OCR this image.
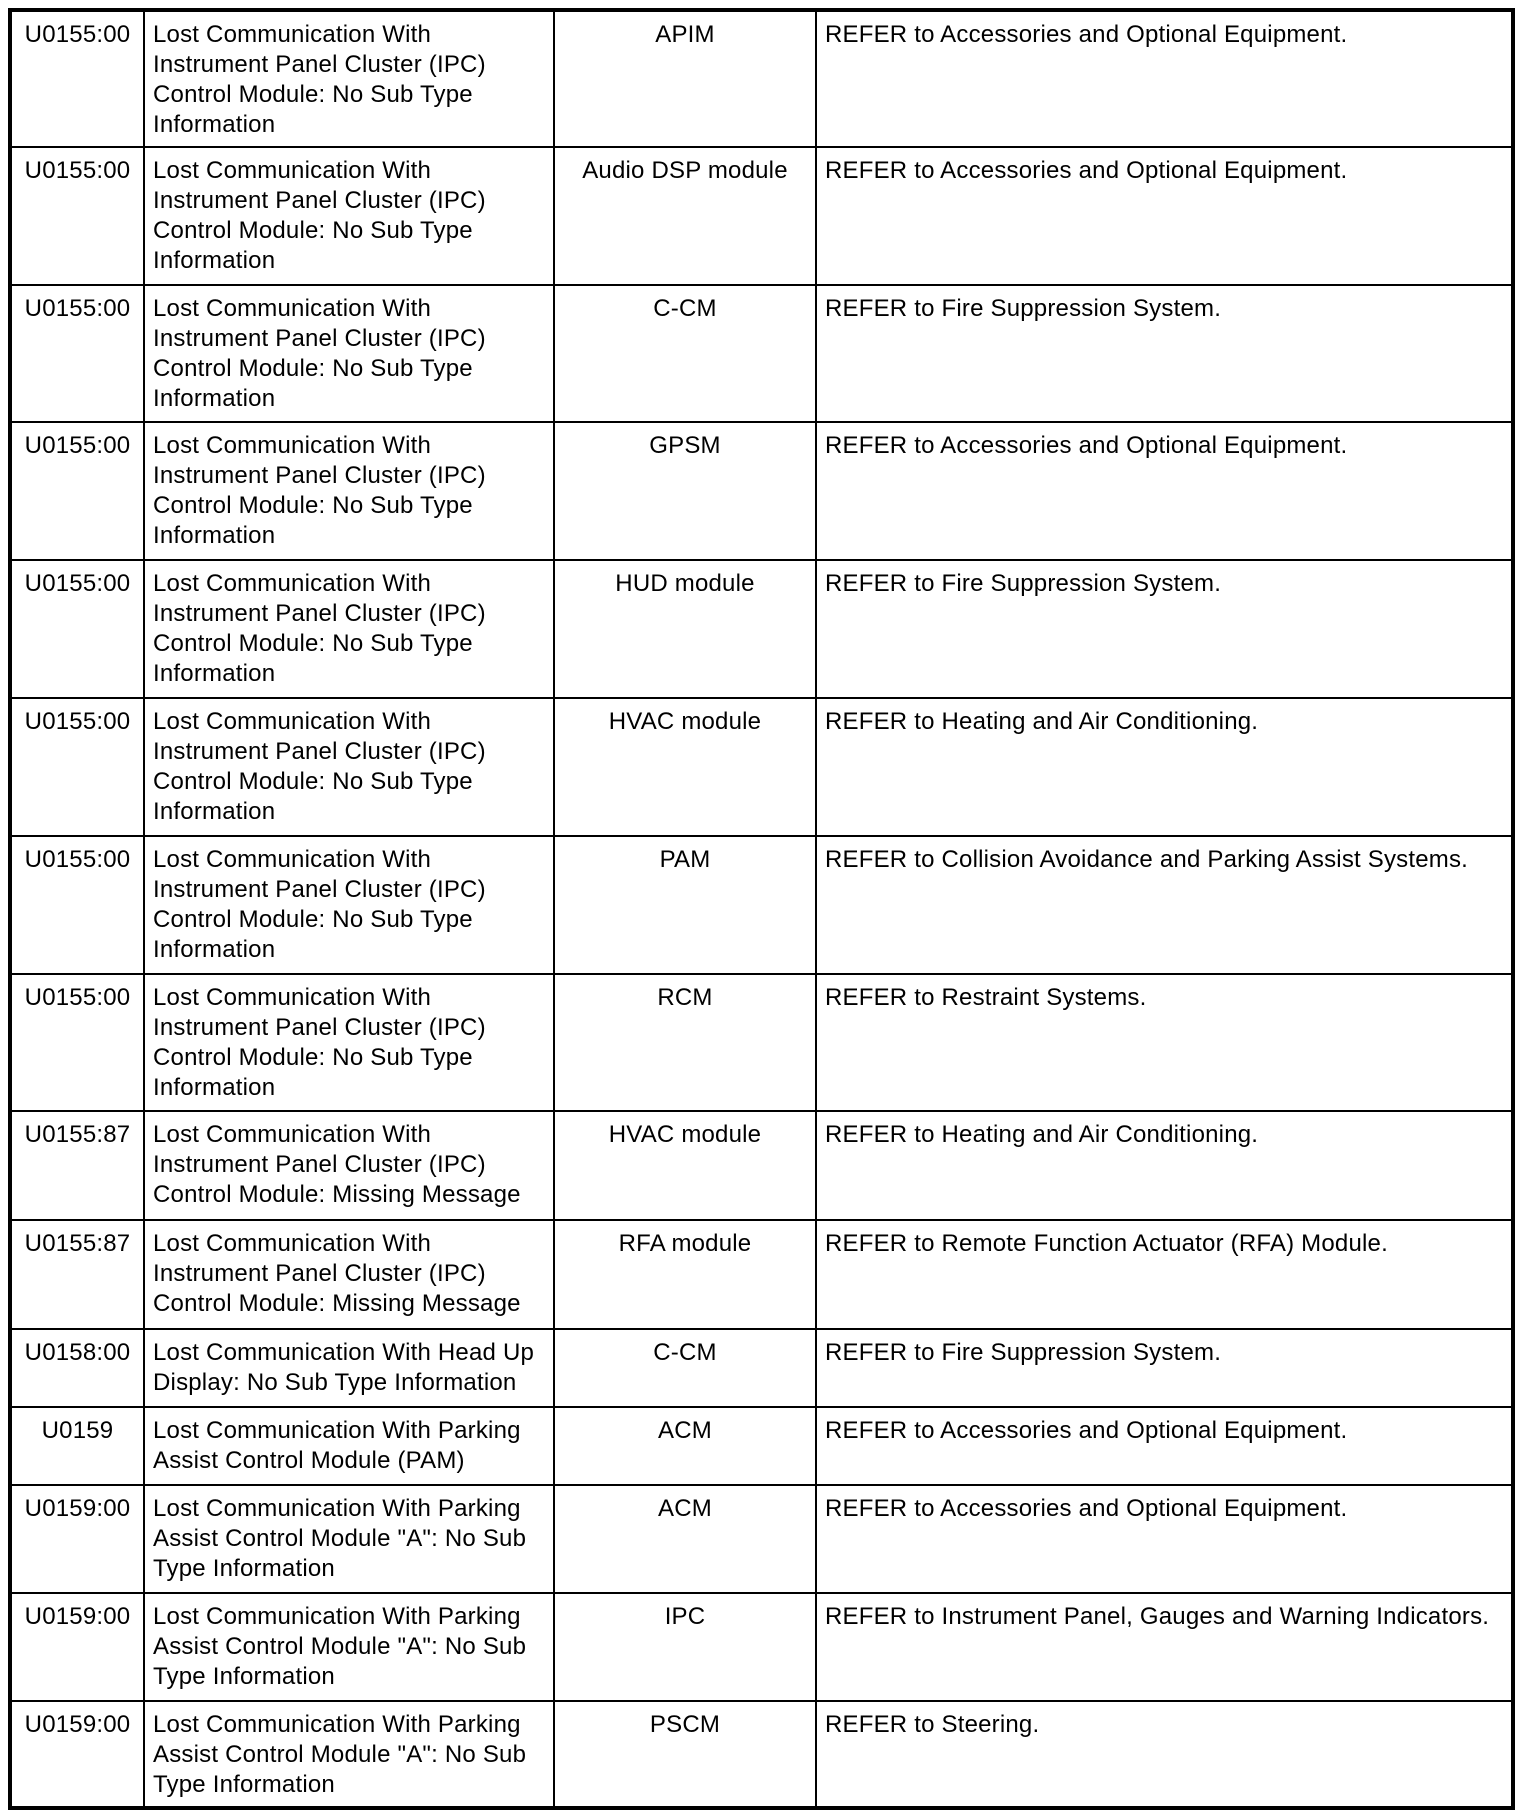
U0155:00	Lost Communication With Instrument Panel Cluster (IPC) Control Module: No Sub Type Information	APIM	REFER to Accessories and Optional Equipment.
U0155:00	Lost Communication With Instrument Panel Cluster (IPC) Control Module: No Sub Type Information	Audio DSP module	REFER to Accessories and Optional Equipment.
U0155:00	Lost Communication With Instrument Panel Cluster (IPC) Control Module: No Sub Type Information	C-CM	REFER to Fire Suppression System.
U0155:00	Lost Communication With Instrument Panel Cluster (IPC) Control Module: No Sub Type Information	GPSM	REFER to Accessories and Optional Equipment.
U0155:00	Lost Communication With Instrument Panel Cluster (IPC) Control Module: No Sub Type Information	HUD module	REFER to Fire Suppression System.
U0155:00	Lost Communication With Instrument Panel Cluster (IPC) Control Module: No Sub Type Information	HVAC module	REFER to Heating and Air Conditioning.
U0155:00	Lost Communication With Instrument Panel Cluster (IPC) Control Module: No Sub Type Information	PAM	REFER to Collision Avoidance and Parking Assist Systems.
U0155:00	Lost Communication With Instrument Panel Cluster (IPC) Control Module: No Sub Type Information	RCM	REFER to Restraint Systems.
U0155:87	Lost Communication With Instrument Panel Cluster (IPC) Control Module: Missing Message	HVAC module	REFER to Heating and Air Conditioning.
U0155:87	Lost Communication With Instrument Panel Cluster (IPC) Control Module: Missing Message	RFA module	REFER to Remote Function Actuator (RFA) Module.
U0158:00	Lost Communication With Head Up Display: No Sub Type Information	C-CM	REFER to Fire Suppression System.
U0159	Lost Communication With Parking Assist Control Module (PAM)	ACM	REFER to Accessories and Optional Equipment.
U0159:00	Lost Communication With Parking Assist Control Module "A": No Sub Type Information	ACM	REFER to Accessories and Optional Equipment.
U0159:00	Lost Communication With Parking Assist Control Module "A": No Sub Type Information	IPC	REFER to Instrument Panel, Gauges and Warning Indicators.
U0159:00	Lost Communication With Parking Assist Control Module "A": No Sub Type Information	PSCM	REFER to Steering.
